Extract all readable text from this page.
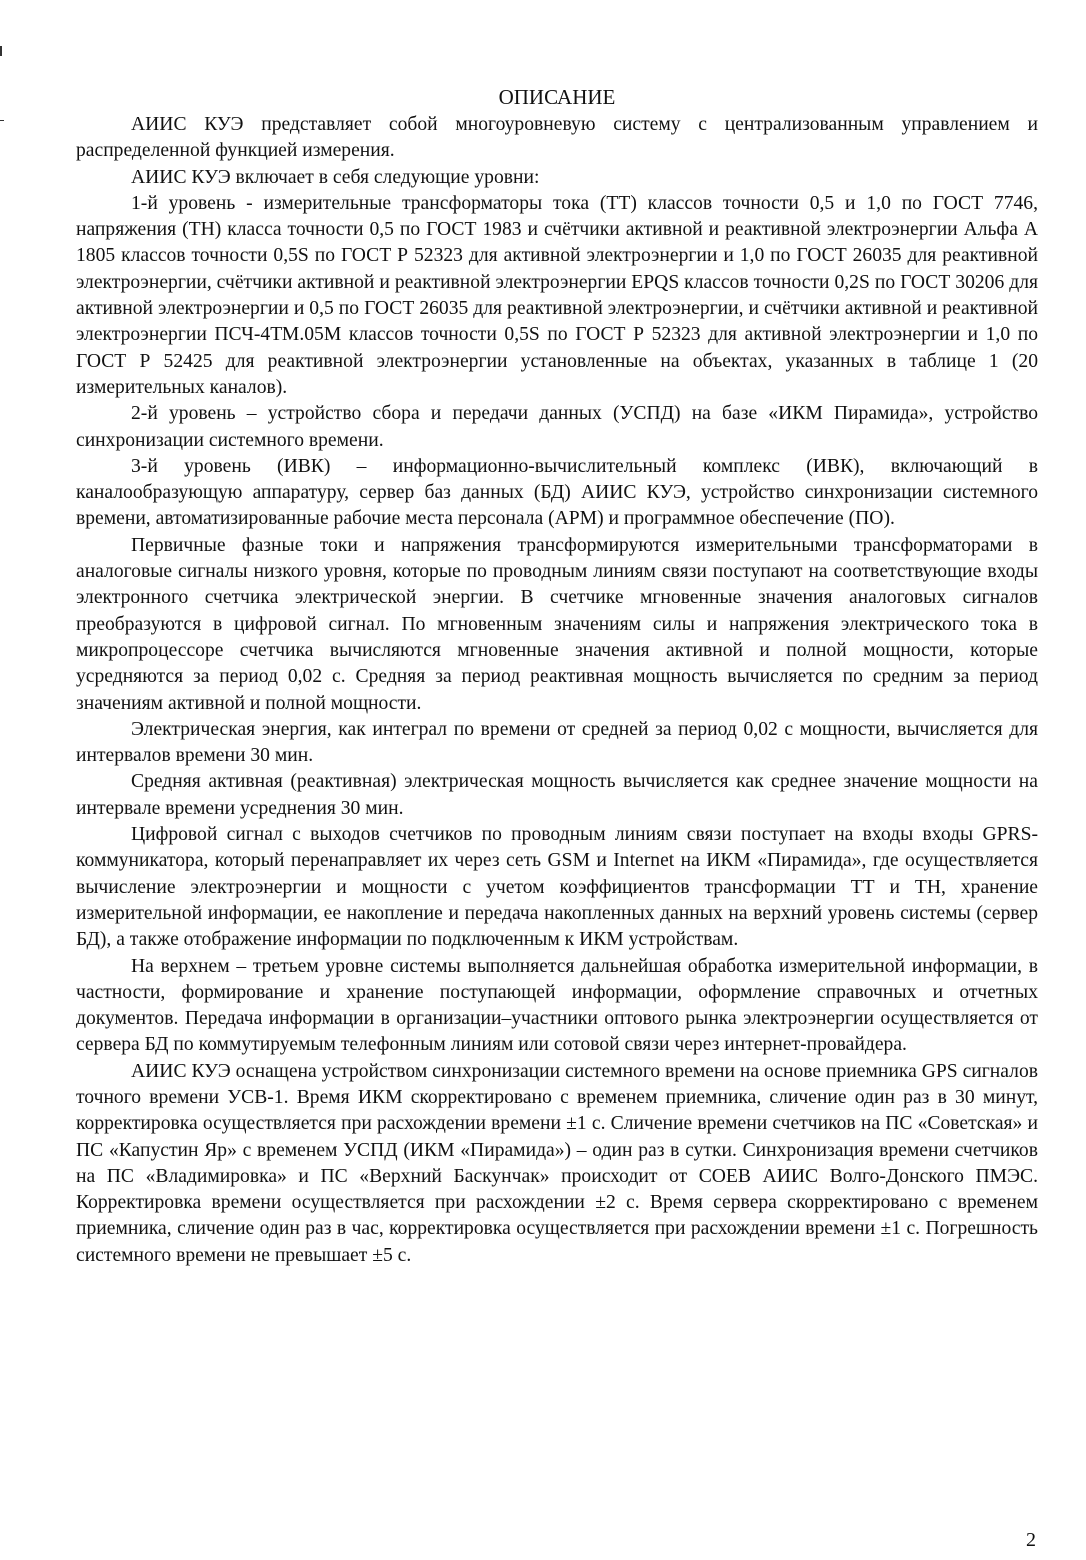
ОПИСАНИЕ

АИИС КУЭ представляет собой многоуровневую систему с централизованным управлением и распределенной функцией измерения.

АИИС КУЭ включает в себя следующие уровни:

1-й уровень - измерительные трансформаторы тока (ТТ) классов точности 0,5 и 1,0 по ГОСТ 7746, напряжения (ТН) класса точности 0,5 по ГОСТ 1983 и счётчики активной и реактивной электроэнергии Альфа А 1805 классов точности 0,5S по ГОСТ Р 52323 для активной электроэнергии и 1,0 по ГОСТ 26035 для реактивной электроэнергии, счётчики активной и реактивной электроэнергии EPQS классов точности 0,2S по ГОСТ 30206 для активной электроэнергии и 0,5 по ГОСТ 26035 для реактивной электроэнергии, и счётчики активной и реактивной электроэнергии ПСЧ-4ТМ.05М классов точности 0,5S по ГОСТ Р 52323 для активной электроэнергии и 1,0 по ГОСТ Р 52425 для реактивной электроэнергии установленные на объектах, указанных в таблице 1 (20 измерительных каналов).

2-й уровень – устройство сбора и передачи данных (УСПД) на базе «ИКМ Пирамида», устройство синхронизации системного времени.

3-й уровень (ИВК) – информационно-вычислительный комплекс (ИВК), включающий в каналообразующую аппаратуру, сервер баз данных (БД) АИИС КУЭ, устройство синхронизации системного времени, автоматизированные рабочие места персонала (АРМ) и программное обеспечение (ПО).

Первичные фазные токи и напряжения трансформируются измерительными трансформаторами в аналоговые сигналы низкого уровня, которые по проводным линиям связи поступают на соответствующие входы электронного счетчика электрической энергии. В счетчике мгновенные значения аналоговых сигналов преобразуются в цифровой сигнал. По мгновенным значениям силы и напряжения электрического тока в микропроцессоре счетчика вычисляются мгновенные значения активной и полной мощности, которые усредняются за период 0,02 с. Средняя за период реактивная мощность вычисляется по средним за период значениям активной и полной мощности.

Электрическая энергия, как интеграл по времени от средней за период 0,02 с мощности, вычисляется для интервалов времени 30 мин.

Средняя активная (реактивная) электрическая мощность вычисляется как среднее значение мощности на интервале времени усреднения 30 мин.

Цифровой сигнал с выходов счетчиков по проводным линиям связи поступает на входы входы GPRS-коммуникатора, который перенаправляет их через сеть GSM и Internet на ИКМ «Пирамида», где осуществляется вычисление электроэнергии и мощности с учетом коэффициентов трансформации ТТ и ТН, хранение измерительной информации, ее накопление и передача накопленных данных на верхний уровень системы (сервер БД), а также отображение информации по подключенным к ИКМ устройствам.

На верхнем – третьем уровне системы выполняется дальнейшая обработка измерительной информации, в частности, формирование и хранение поступающей информации, оформление справочных и отчетных документов. Передача информации в организации–участники оптового рынка электроэнергии осуществляется от сервера БД по коммутируемым телефонным линиям или сотовой связи через интернет-провайдера.

АИИС КУЭ оснащена устройством синхронизации системного времени на основе приемника GPS сигналов точного времени УСВ-1. Время ИКМ скорректировано с временем приемника, сличение один раз в 30 минут, корректировка осуществляется при расхождении времени ±1 с. Сличение времени счетчиков на ПС «Советская» и ПС «Капустин Яр» с временем УСПД (ИКМ «Пирамида») – один раз в сутки. Синхронизация времени счетчиков на ПС «Владимировка» и ПС «Верхний Баскунчак» происходит от СОЕВ АИИС Волго-Донского ПМЭС. Корректировка времени осуществляется при расхождении ±2 с. Время сервера скорректировано с временем приемника, сличение один раз в час, корректировка осуществляется при расхождении времени ±1 с. Погрешность системного времени не превышает ±5 с.

2
